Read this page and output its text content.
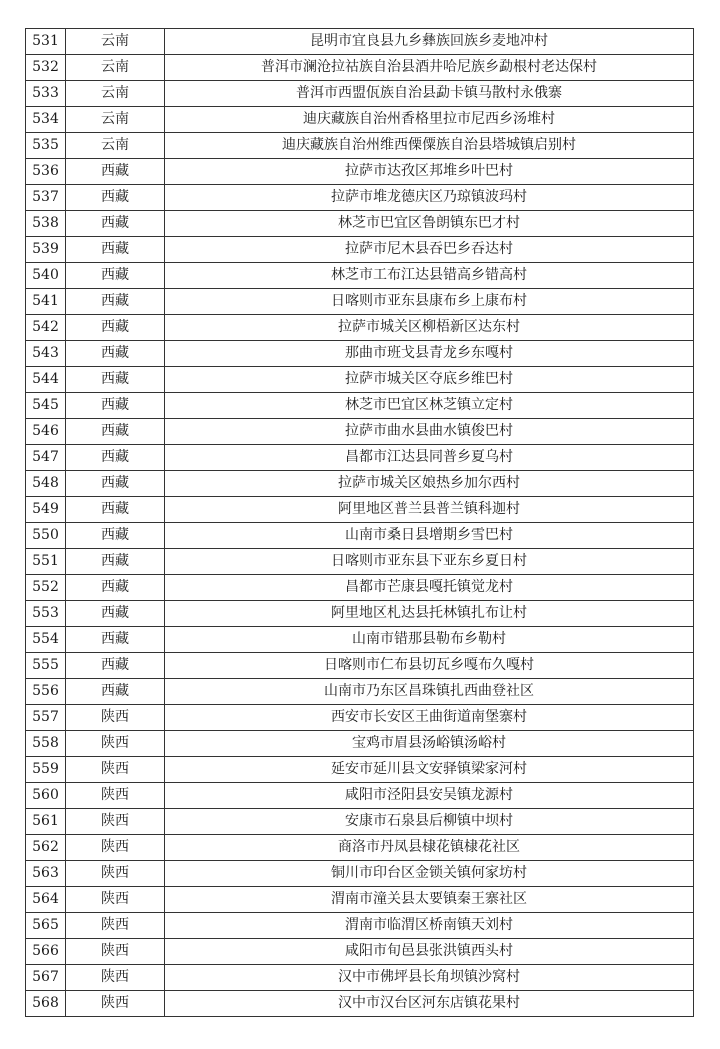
531	云南	昆明市宜良县九乡彝族回族乡麦地冲村
532	云南	普洱市澜沧拉祜族自治县酒井哈尼族乡勐根村老达保村
533	云南	普洱市西盟佤族自治县勐卡镇马散村永俄寨
534	云南	迪庆藏族自治州香格里拉市尼西乡汤堆村
535	云南	迪庆藏族自治州维西傈僳族自治县塔城镇启别村
536	西藏	拉萨市达孜区邦堆乡叶巴村
537	西藏	拉萨市堆龙德庆区乃琼镇波玛村
538	西藏	林芝市巴宜区鲁朗镇东巴才村
539	西藏	拉萨市尼木县吞巴乡吞达村
540	西藏	林芝市工布江达县错高乡错高村
541	西藏	日喀则市亚东县康布乡上康布村
542	西藏	拉萨市城关区柳梧新区达东村
543	西藏	那曲市班戈县青龙乡东嘎村
544	西藏	拉萨市城关区夺底乡维巴村
545	西藏	林芝市巴宜区林芝镇立定村
546	西藏	拉萨市曲水县曲水镇俊巴村
547	西藏	昌都市江达县同普乡夏乌村
548	西藏	拉萨市城关区娘热乡加尔西村
549	西藏	阿里地区普兰县普兰镇科迦村
550	西藏	山南市桑日县增期乡雪巴村
551	西藏	日喀则市亚东县下亚东乡夏日村
552	西藏	昌都市芒康县嘎托镇觉龙村
553	西藏	阿里地区札达县托林镇扎布让村
554	西藏	山南市错那县勒布乡勒村
555	西藏	日喀则市仁布县切瓦乡嘎布久嘎村
556	西藏	山南市乃东区昌珠镇扎西曲登社区
557	陕西	西安市长安区王曲街道南堡寨村
558	陕西	宝鸡市眉县汤峪镇汤峪村
559	陕西	延安市延川县文安驿镇梁家河村
560	陕西	咸阳市泾阳县安吴镇龙源村
561	陕西	安康市石泉县后柳镇中坝村
562	陕西	商洛市丹凤县棣花镇棣花社区
563	陕西	铜川市印台区金锁关镇何家坊村
564	陕西	渭南市潼关县太要镇秦王寨社区
565	陕西	渭南市临渭区桥南镇天刘村
566	陕西	咸阳市旬邑县张洪镇西头村
567	陕西	汉中市佛坪县长角坝镇沙窝村
568	陕西	汉中市汉台区河东店镇花果村
